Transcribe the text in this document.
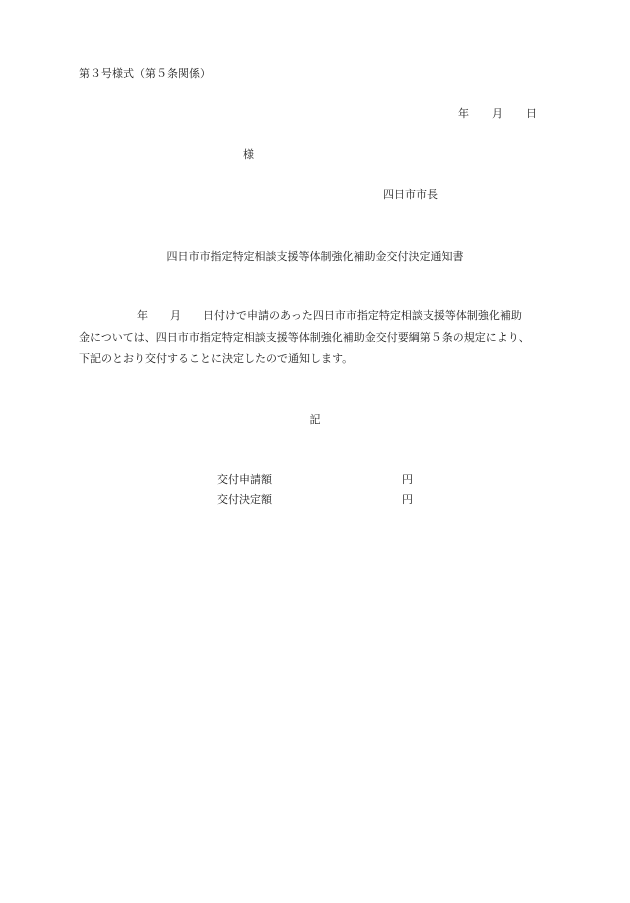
第３号様式（第５条関係）
年 月 日
様
四日市市長
四日市市指定特定相談支援等体制強化補助金交付決定通知書
年 月 日付けで申請のあった四日市市指定特定相談支援等体制強化補助
金については、四日市市指定特定相談支援等体制強化補助金交付要綱第５条の規定により、
下記のとおり交付することに決定したので通知します。
記
交付申請額	円
交付決定額	円
